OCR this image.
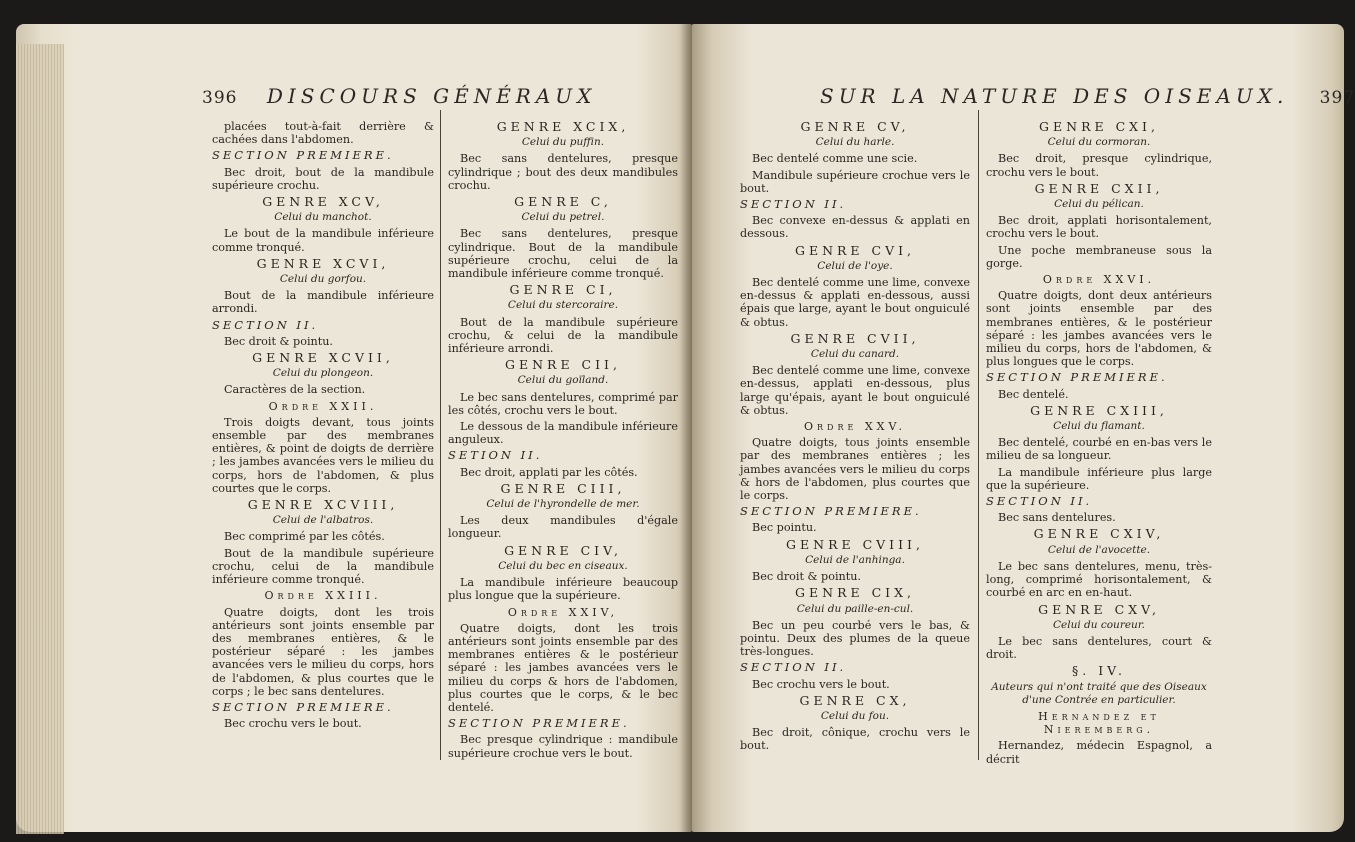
396 DISCOURS GÉNÉRAUX

placées tout-à-fait derrière & cachées dans l'abdomen.

SECTION PREMIERE.

Bec droit, bout de la mandibule supérieure crochu.

GENRE XCV,

Celui du manchot.

Le bout de la mandibule inférieure comme tronqué.

GENRE XCVI,

Celui du gorfou.

Bout de la mandibule inférieure arrondi.

SECTION II.

Bec droit & pointu.

GENRE XCVII,

Celui du plongeon.

Caractères de la section.

Ordre XXII.

Trois doigts devant, tous joints ensemble par des membranes entières, & point de doigts de derrière ; les jambes avancées vers le milieu du corps, hors de l'abdomen, & plus courtes que le corps.

GENRE XCVIII,

Celui de l'albatros.

Bec comprimé par les côtés.

Bout de la mandibule supérieure crochu, celui de la mandibule inférieure comme tronqué.

Ordre XXIII.

Quatre doigts, dont les trois antérieurs sont joints ensemble par des membranes entières, & le postérieur séparé : les jambes avancées vers le milieu du corps, hors de l'abdomen, & plus courtes que le corps ; le bec sans dentelures.

SECTION PREMIERE.

Bec crochu vers le bout.

GENRE XCIX,

Celui du puffin.

Bec sans dentelures, presque cylindrique ; bout des deux mandibules crochu.

GENRE C,

Celui du petrel.

Bec sans dentelures, presque cylindrique. Bout de la mandibule supérieure crochu, celui de la mandibule inférieure comme tronqué.

GENRE CI,

Celui du stercoraire.

Bout de la mandibule supérieure crochu, & celui de la mandibule inférieure arrondi.

GENRE CII,

Celui du goïland.

Le bec sans dentelures, comprimé par les côtés, crochu vers le bout.

Le dessous de la mandibule inférieure anguleux.

SETION II.

Bec droit, applati par les côtés.

GENRE CIII,

Celui de l'hyrondelle de mer.

Les deux mandibules d'égale longueur.

GENRE CIV,

Celui du bec en ciseaux.

La mandibule inférieure beaucoup plus longue que la supérieure.

Ordre XXIV,

Quatre doigts, dont les trois antérieurs sont joints ensemble par des membranes entières & le postérieur séparé : les jambes avancées vers le milieu du corps & hors de l'abdomen, plus courtes que le corps, & le bec dentelé.

SECTION PREMIERE.

Bec presque cylindrique : mandibule supérieure crochue vers le bout.

SUR LA NATURE DES OISEAUX. 397

GENRE CV,

Celui du harle.

Bec dentelé comme une scie.

Mandibule supérieure crochue vers le bout.

SECTION II.

Bec convexe en-dessus & applati en dessous.

GENRE CVI,

Celui de l'oye.

Bec dentelé comme une lime, convexe en-dessus & applati en-dessous, aussi épais que large, ayant le bout onguiculé & obtus.

GENRE CVII,

Celui du canard.

Bec dentelé comme une lime, convexe en-dessus, applati en-dessous, plus large qu'épais, ayant le bout onguiculé & obtus.

Ordre XXV.

Quatre doigts, tous joints ensemble par des membranes entières ; les jambes avancées vers le milieu du corps & hors de l'abdomen, plus courtes que le corps.

SECTION PREMIERE.

Bec pointu.

GENRE CVIII,

Celui de l'anhinga.

Bec droit & pointu.

GENRE CIX,

Celui du paille-en-cul.

Bec un peu courbé vers le bas, & pointu. Deux des plumes de la queue très-longues.

SECTION II.

Bec crochu vers le bout.

GENRE CX,

Celui du fou.

Bec droit, cônique, crochu vers le bout.

GENRE CXI,

Celui du cormoran.

Bec droit, presque cylindrique, crochu vers le bout.

GENRE CXII,

Celui du pélican.

Bec droit, applati horisontalement, crochu vers le bout.

Une poche membraneuse sous la gorge.

Ordre XXVI.

Quatre doigts, dont deux antérieurs sont joints ensemble par des membranes entières, & le postérieur séparé : les jambes avancées vers le milieu du corps, hors de l'abdomen, & plus longues que le corps.

SECTION PREMIERE.

Bec dentelé.

GENRE CXIII,

Celui du flamant.

Bec dentelé, courbé en en-bas vers le milieu de sa longueur.

La mandibule inférieure plus large que la supérieure.

SECTION II.

Bec sans dentelures.

GENRE CXIV,

Celui de l'avocette.

Le bec sans dentelures, menu, très-long, comprimé horisontalement, & courbé en arc en en-haut.

GENRE CXV,

Celui du coureur.

Le bec sans dentelures, court & droit.

§. IV.

Auteurs qui n'ont traité que des Oiseaux d'une Contrée en particulier.

Hernandez et Nieremberg.

Hernandez, médecin Espagnol, a décrit
